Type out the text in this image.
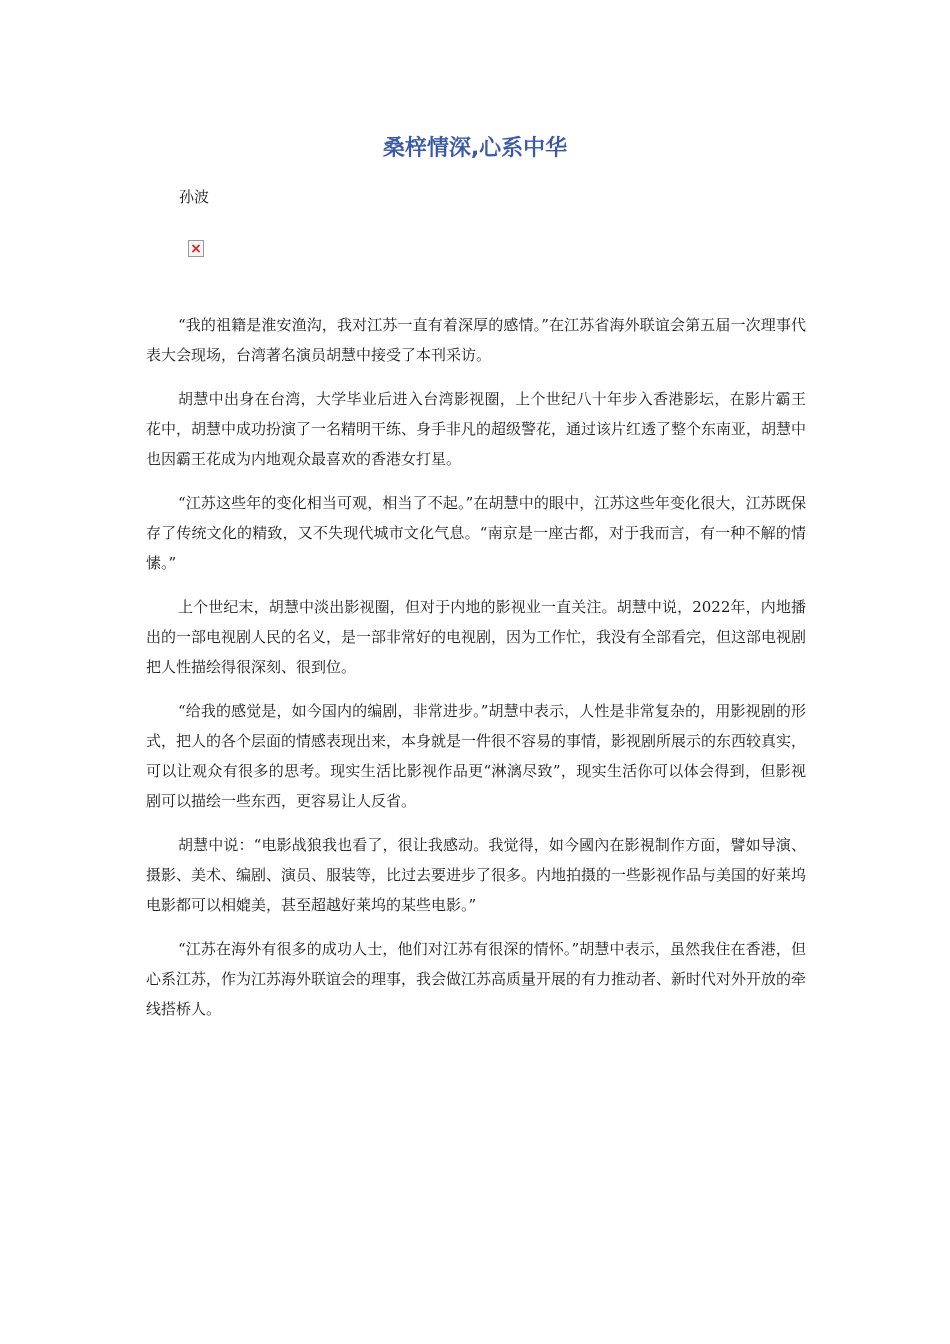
桑梓情深,心系中华

孙波

“我的祖籍是淮安渔沟，我对江苏一直有着深厚的感情。”在江苏省海外联谊会第五届一次理事代表大会现场，台湾著名演员胡慧中接受了本刊采访。

胡慧中出身在台湾，大学毕业后进入台湾影视圈，上个世纪八十年步入香港影坛，在影片霸王花中，胡慧中成功扮演了一名精明干练、身手非凡的超级警花，通过该片红透了整个东南亚，胡慧中也因霸王花成为内地观众最喜欢的香港女打星。

“江苏这些年的变化相当可观，相当了不起。”在胡慧中的眼中，江苏这些年变化很大，江苏既保存了传统文化的精致，又不失现代城市文化气息。“南京是一座古都，对于我而言，有一种不解的情愫。”

上个世纪末，胡慧中淡出影视圈，但对于内地的影视业一直关注。胡慧中说，2022年，内地播出的一部电视剧人民的名义，是一部非常好的电视剧，因为工作忙，我没有全部看完，但这部电视剧把人性描绘得很深刻、很到位。

“给我的感觉是，如今国内的编剧，非常进步。”胡慧中表示，人性是非常复杂的，用影视剧的形式，把人的各个层面的情感表现出来，本身就是一件很不容易的事情，影视剧所展示的东西较真实，可以让观众有很多的思考。现实生活比影视作品更“淋漓尽致”，现实生活你可以体会得到，但影视剧可以描绘一些东西，更容易让人反省。

胡慧中说：“电影战狼我也看了，很让我感动。我觉得，如今國內在影視制作方面，譬如导演、摄影、美术、编剧、演员、服装等，比过去要进步了很多。内地拍摄的一些影视作品与美国的好莱坞电影都可以相媲美，甚至超越好莱坞的某些电影。”

“江苏在海外有很多的成功人士，他们对江苏有很深的情怀。”胡慧中表示，虽然我住在香港，但心系江苏，作为江苏海外联谊会的理事，我会做江苏高质量开展的有力推动者、新时代对外开放的牵线搭桥人。
